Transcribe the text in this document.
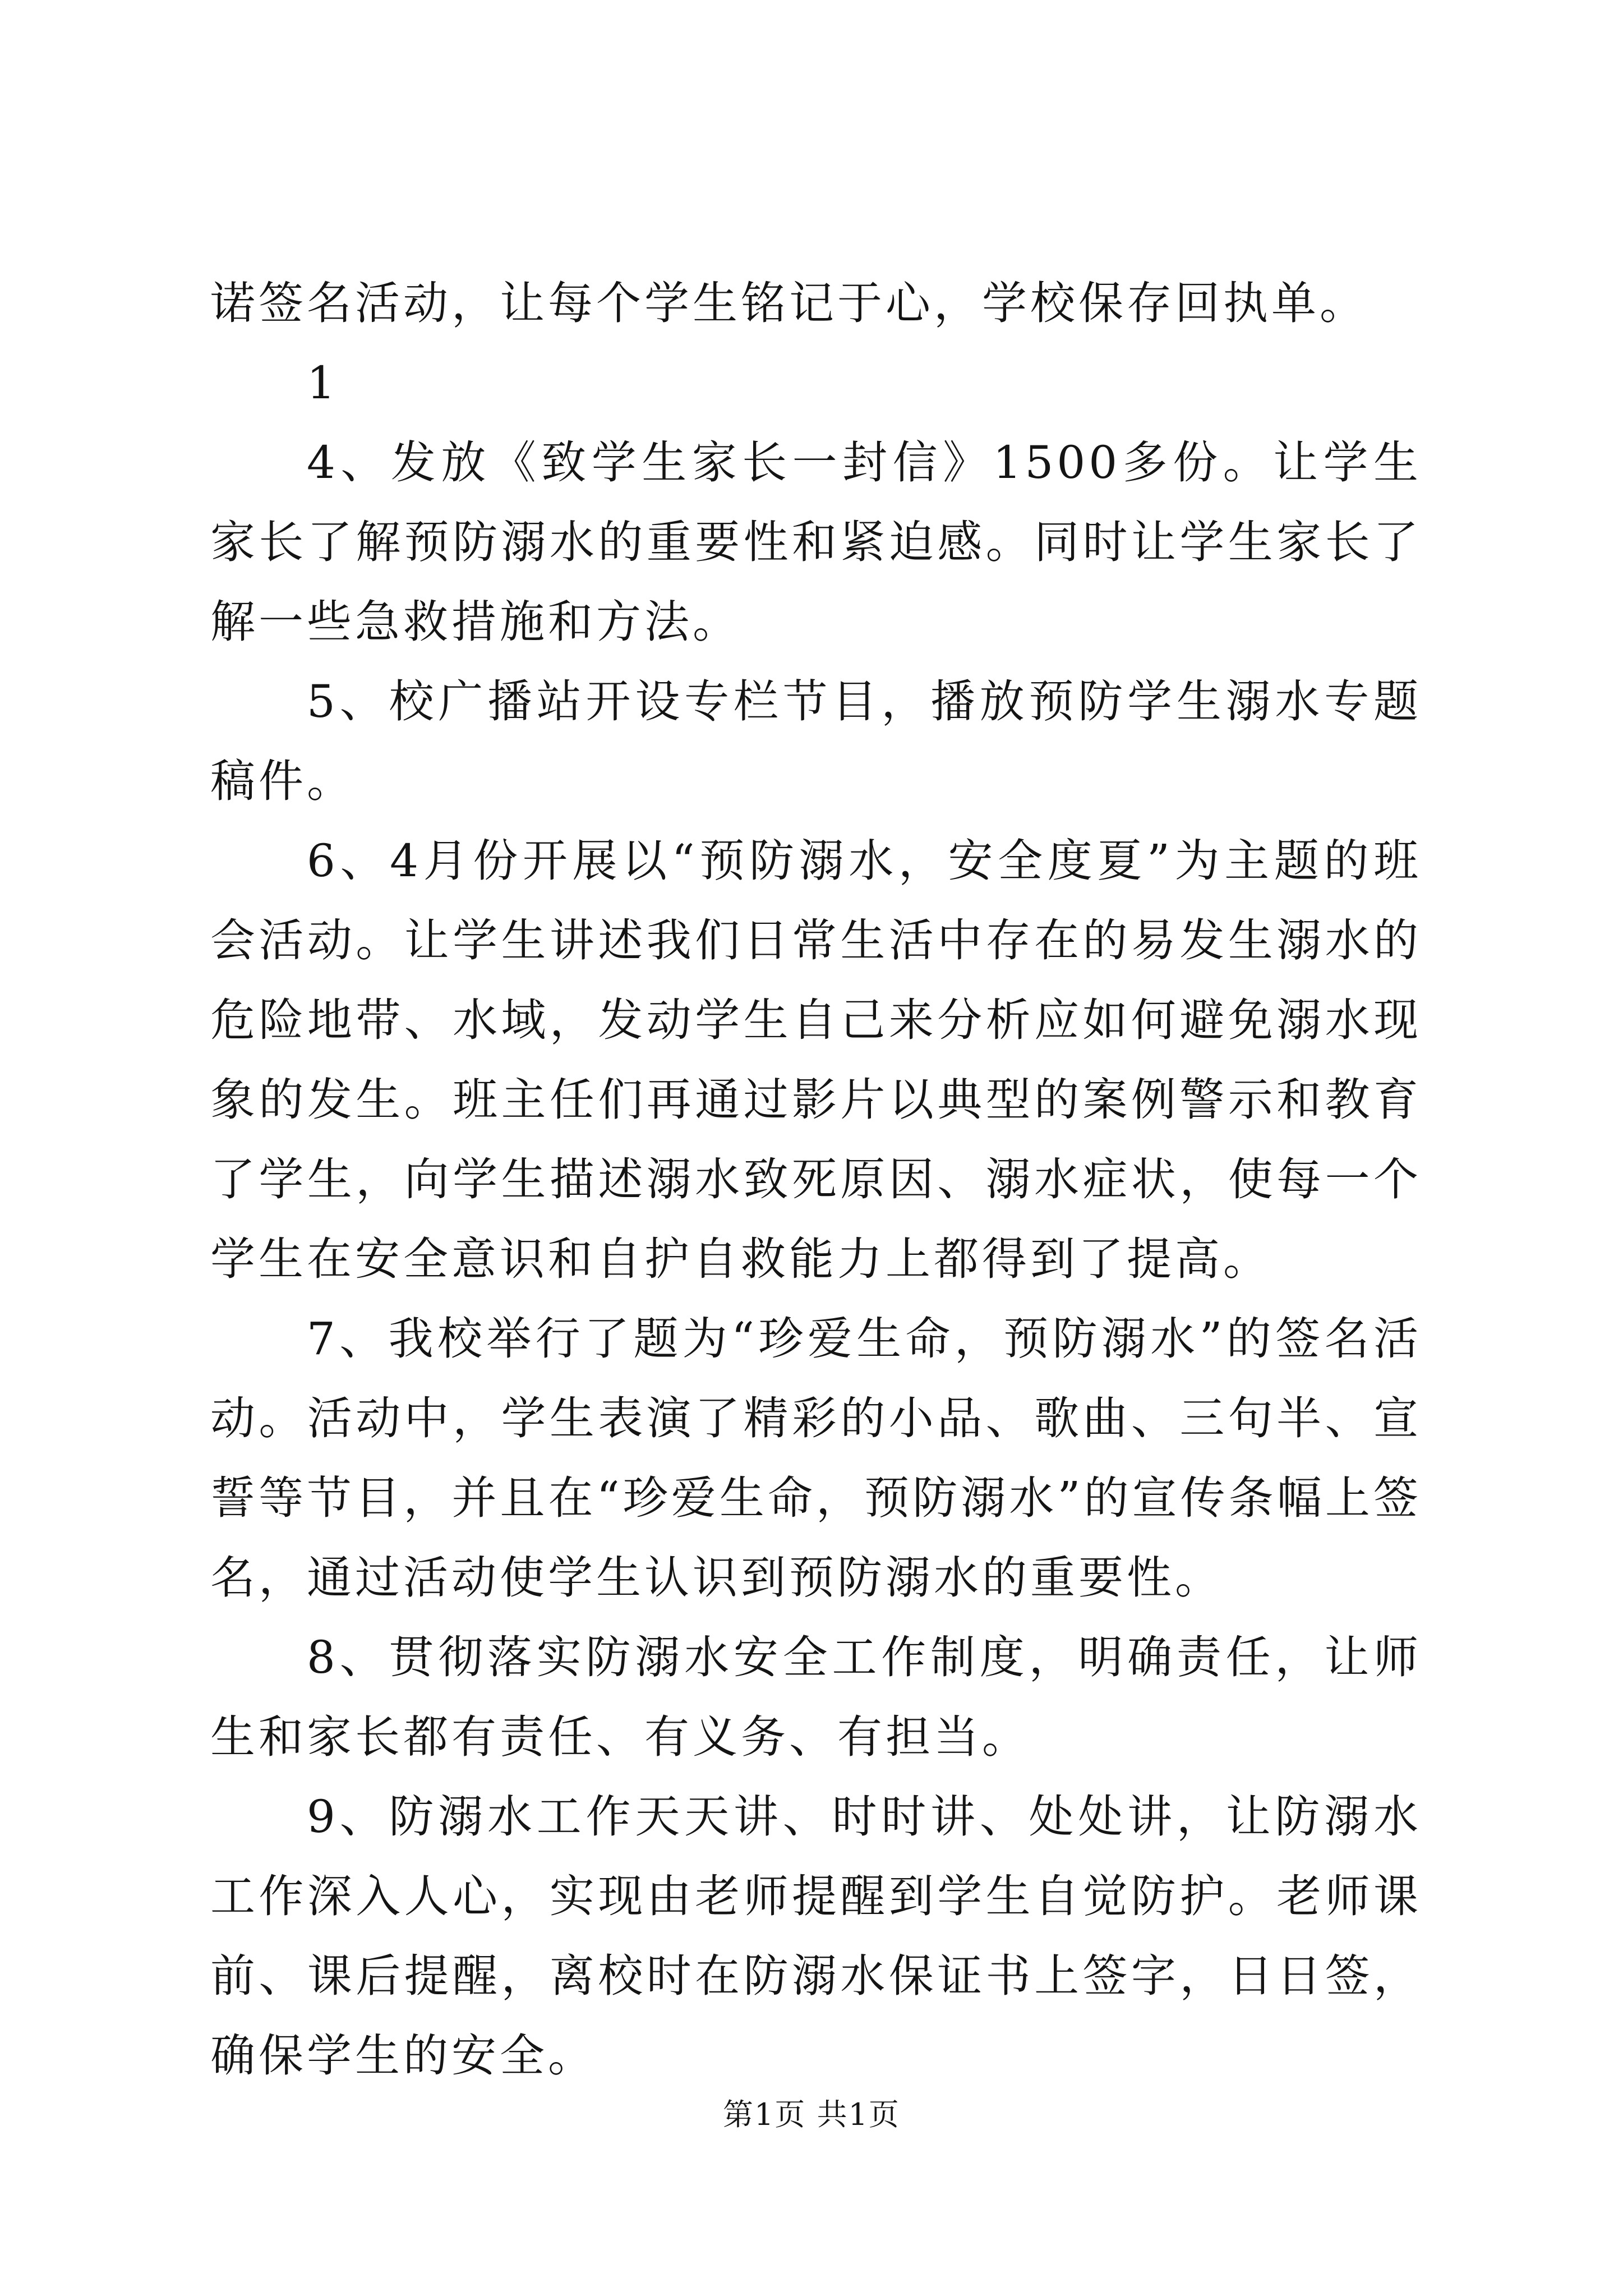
诺签名活动，让每个学生铭记于心，学校保存回执单。

1

4、发放《致学生家长一封信》1500多份。让学生家长了解预防溺水的重要性和紧迫感。同时让学生家长了解一些急救措施和方法。

5、校广播站开设专栏节目，播放预防学生溺水专题稿件。

6、4月份开展以“预防溺水，安全度夏”为主题的班会活动。让学生讲述我们日常生活中存在的易发生溺水的危险地带、水域，发动学生自己来分析应如何避免溺水现象的发生。班主任们再通过影片以典型的案例警示和教育了学生，向学生描述溺水致死原因、溺水症状，使每一个学生在安全意识和自护自救能力上都得到了提高。

7、我校举行了题为“珍爱生命，预防溺水”的签名活动。活动中，学生表演了精彩的小品、歌曲、三句半、宣誓等节目，并且在“珍爱生命，预防溺水”的宣传条幅上签名，通过活动使学生认识到预防溺水的重要性。

8、贯彻落实防溺水安全工作制度，明确责任，让师生和家长都有责任、有义务、有担当。

9、防溺水工作天天讲、时时讲、处处讲，让防溺水工作深入人心，实现由老师提醒到学生自觉防护。老师课前、课后提醒，离校时在防溺水保证书上签字，日日签，确保学生的安全。

第1页 共1页
